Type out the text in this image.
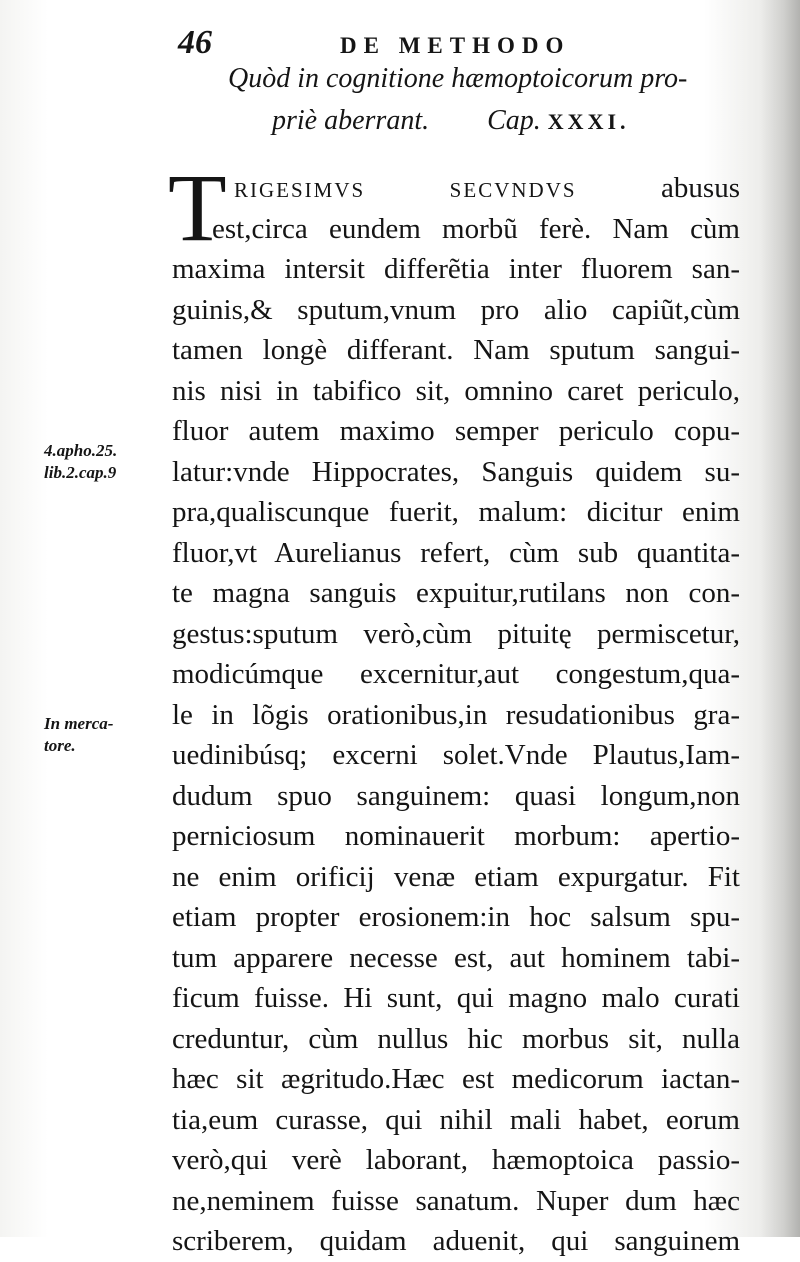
46	DE METHODO
Quòd in cognitione hæmoptoicorum pro-
priè aberrant. Cap. XXXI.
T RIGESIMVS SECVNDVS	abusus
est,circa eundem morbũ ferè. Nam cùm
maxima intersit differẽtia inter fluorem san-
guinis,& sputum,vnum pro alio capiũt,cùm
tamen longè differant. Nam sputum sangui-
nis nisi in tabifico sit, omnino caret periculo,
fluor autem maximo semper periculo copu-
latur:vnde Hippocrates, Sanguis quidem su-
pra,qualiscunque fuerit, malum: dicitur enim
fluor,vt Aurelianus refert, cùm sub quantita-
te magna sanguis expuitur,rutilans non con-
gestus:sputum verò,cùm pituitę permiscetur,
modicúmque excernitur,aut congestum,qua-
le in lõgis orationibus,in resudationibus gra-
uedinibúsq; excerni solet.Vnde Plautus,Iam-
dudum spuo sanguinem: quasi longum,non
perniciosum nominauerit morbum: apertio-
ne enim orificij venæ etiam expurgatur. Fit
etiam propter erosionem:in hoc salsum spu-
tum apparere necesse est, aut hominem tabi-
ficum fuisse. Hi sunt, qui magno malo curati
creduntur, cùm nullus hic morbus sit, nulla
hæc sit ægritudo.Hæc est medicorum iactan-
tia,eum curasse, qui nihil mali habet, eorum
verò,qui verè laborant, hæmoptoica passio-
ne,neminem fuisse sanatum. Nuper dum hæc
scriberem, quidam aduenit, qui sanguinem
4.apho.25.
lib.2.cap.9
In merca-
tore.
